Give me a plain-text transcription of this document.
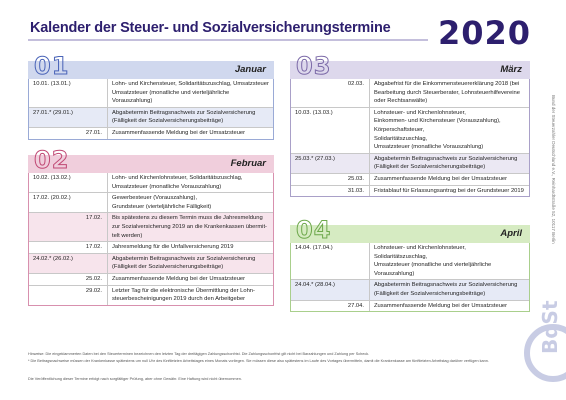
Kalender der Steuer- und Sozialversicherungstermine 2020
01	Januar
10.01. (13.01.)	Lohn- und Kirchensteuer, Solidaritätszuschlag, Umsatzsteuer
Umsatzsteuer (monatliche und vierteljährliche Vorauszahlung)
27.01.* (29.01.)	Abgabetermin Beitragsnachweis zur Sozialversicherung
(Fälligkeit der Sozialversicherungsbeiträge)
27.01.	Zusammenfassende Meldung bei der Umsatzsteuer
02	Februar
10.02. (13.02.)	Lohn- und Kirchenlohnsteuer, Solidaritätszuschlag,
Umsatzsteuer (monatliche Vorauszahlung)
17.02. (20.02.)	Gewerbesteuer (Vorauszahlung),
Grundsteuer (vierteljährliche Fälligkeit)
17.02.	Bis spätestens zu diesem Termin muss die Jahresmeldung
zur Sozialversicherung 2019 an die Krankenkassen übermit-
telt werden)
17.02.	Jahresmeldung für die Unfallversicherung 2019
24.02.* (26.02.)	Abgabetermin Beitragsnachweis zur Sozialversicherung
(Fälligkeit der Sozialversicherungsbeiträge)
25.02.	Zusammenfassende Meldung bei der Umsatzsteuer
29.02.	Letzter Tag für die elektronische Übermittlung der Lohn-
steuerbescheinigungen 2019 durch den Arbeitgeber
03	März
02.03.	Abgabefrist für die Einkommensteuererklärung 2018 (bei
Bearbeitung durch Steuerberater, Lohnsteuerhilfevereine
oder Rechtsanwälte)
10.03. (13.03.)	Lohnsteuer- und Kirchenlohnsteuer,
Einkommen- und Kirchensteuer (Vorauszahlung),
Körperschaftsteuer,
Solidaritätszuschlag,
Umsatzsteuer (monatliche Vorauszahlung)
25.03.* (27.03.)	Abgabetermin Beitragsnachweis zur Sozialversicherung
(Fälligkeit der Sozialversicherungsbeiträge)
25.03.	Zusammenfassende Meldung bei der Umsatzsteuer
31.03.	Fristablauf für Erlassungsantrag bei der Grundsteuer 2019
04	April
14.04. (17.04.)	Lohnsteuer- und Kirchenlohnsteuer,
Solidaritätszuschlag,
Umsatzsteuer (monatliche und vierteljährliche
Vorauszahlung)
24.04.* (28.04.)	Abgabetermin Beitragsnachweis zur Sozialversicherung
(Fälligkeit der Sozialversicherungsbeiträge)
27.04.	Zusammenfassende Meldung bei der Umsatzsteuer
Hinweise: Die eingeklammerten Daten bei den Steuerterminen bezeichnen den letzten Tag der dreitägigen Zahlungsschonfrist. Die Zahlungsschonfrist gilt nicht bei Barzahlungen und Zahlung per Scheck.
* Die Beitragsnachweise müssen der Krankenkasse spätestens um null Uhr des fünftletzten Arbeitstages eines Monats vorliegen. Sie müssen diese also spätestens im Laufe des Vortages übermitteln, damit die Krankenkasse am fünftletzten Arbeitstag darüber verfügen kann.
Die Veröffentlichung dieser Termine erfolgt nach sorgfältiger Prüfung, aber ohne Gewähr. Eine Haftung wird nicht übernommen.
Bund der Steuerzahler Deutschland e.V., Reinhardtstraße 52, 10117 Berlin
BdSt
